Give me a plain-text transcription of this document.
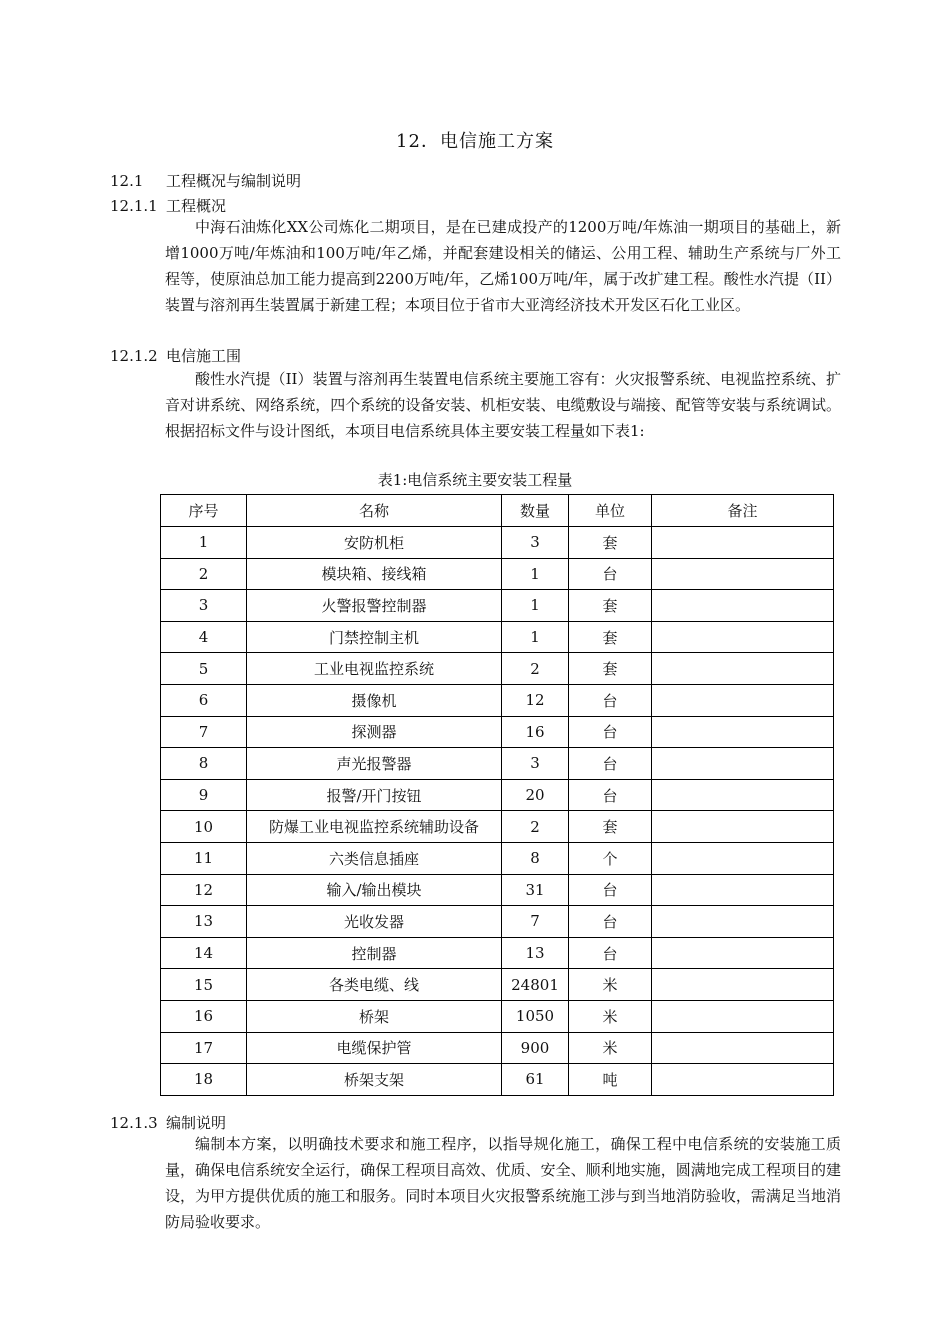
12．电信施工方案
12.1 工程概况与编制说明
12.1.1 工程概况

中海石油炼化XX公司炼化二期项目，是在已建成投产的1200万吨/年炼油一期项目的基础上，新增1000万吨/年炼油和100万吨/年乙烯，并配套建设相关的储运、公用工程、辅助生产系统与厂外工程等，使原油总加工能力提高到2200万吨/年，乙烯100万吨/年，属于改扩建工程。酸性水汽提（II）装置与溶剂再生装置属于新建工程；本项目位于省市大亚湾经济技术开发区石化工业区。

12.1.2 电信施工围

酸性水汽提（II）装置与溶剂再生装置电信系统主要施工容有：火灾报警系统、电视监控系统、扩音对讲系统、网络系统，四个系统的设备安装、机柜安装、电缆敷设与端接、配管等安装与系统调试。根据招标文件与设计图纸，本项目电信系统具体主要安装工程量如下表1:

表1:电信系统主要安装工程量
序号	名称	数量	单位	备注
1	安防机柜	3	套	
2	模块箱、接线箱	1	台	
3	火警报警控制器	1	套	
4	门禁控制主机	1	套	
5	工业电视监控系统	2	套	
6	摄像机	12	台	
7	探测器	16	台	
8	声光报警器	3	台	
9	报警/开门按钮	20	台	
10	防爆工业电视监控系统辅助设备	2	套	
11	六类信息插座	8	个	
12	输入/输出模块	31	台	
13	光收发器	7	台	
14	控制器	13	台	
15	各类电缆、线	24801	米	
16	桥架	1050	米	
17	电缆保护管	900	米	
18	桥架支架	61	吨	
12.1.3 编制说明

编制本方案，以明确技术要求和施工程序，以指导规化施工，确保工程中电信系统的安装施工质量，确保电信系统安全运行，确保工程项目高效、优质、安全、顺利地实施，圆满地完成工程项目的建设，为甲方提供优质的施工和服务。同时本项目火灾报警系统施工涉与到当地消防验收，需满足当地消防局验收要求。
